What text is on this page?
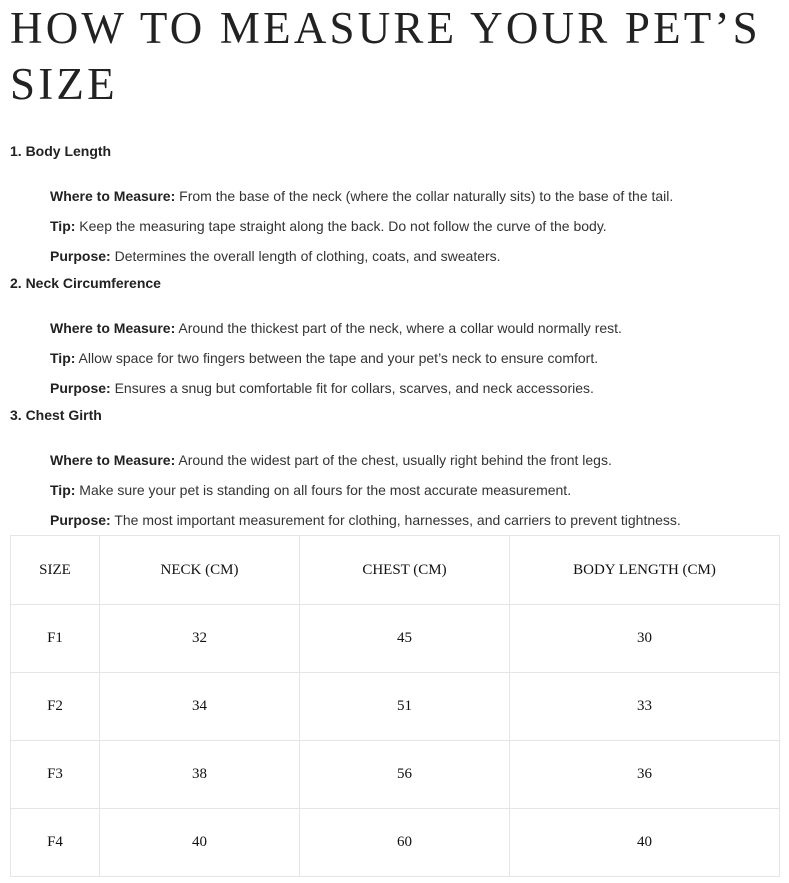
HOW TO MEASURE YOUR PET’S SIZE
1. Body Length
Where to Measure: From the base of the neck (where the collar naturally sits) to the base of the tail.
Tip: Keep the measuring tape straight along the back. Do not follow the curve of the body.
Purpose: Determines the overall length of clothing, coats, and sweaters.
2. Neck Circumference
Where to Measure: Around the thickest part of the neck, where a collar would normally rest.
Tip: Allow space for two fingers between the tape and your pet’s neck to ensure comfort.
Purpose: Ensures a snug but comfortable fit for collars, scarves, and neck accessories.
3. Chest Girth
Where to Measure: Around the widest part of the chest, usually right behind the front legs.
Tip: Make sure your pet is standing on all fours for the most accurate measurement.
Purpose: The most important measurement for clothing, harnesses, and carriers to prevent tightness.
SIZE	NECK (CM)	CHEST (CM)	BODY LENGTH (CM)
F1	32	45	30
F2	34	51	33
F3	38	56	36
F4	40	60	40
